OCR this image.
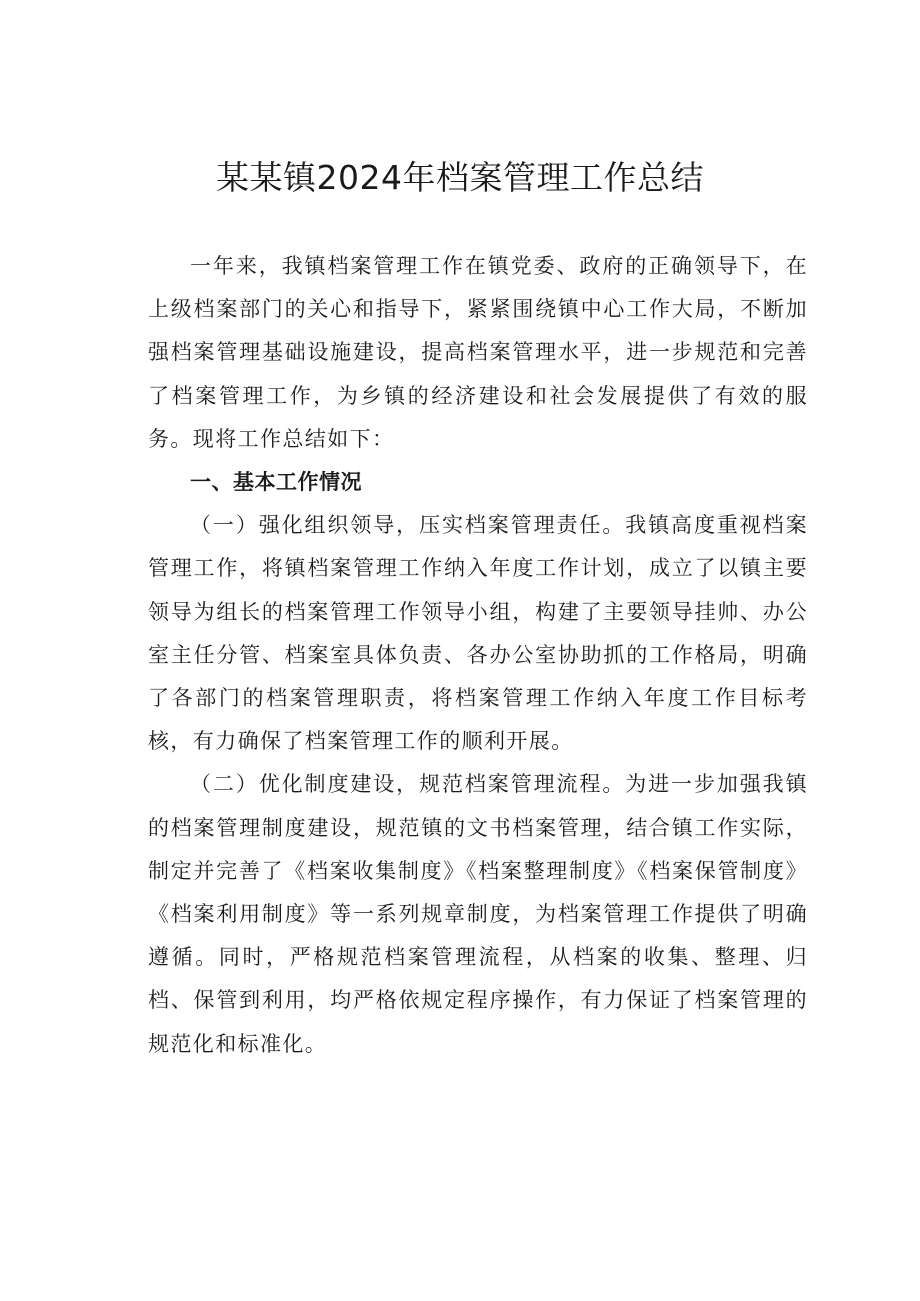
某某镇2024年档案管理工作总结

一年来，我镇档案管理工作在镇党委、政府的正确领导下，在上级档案部门的关心和指导下，紧紧围绕镇中心工作大局，不断加强档案管理基础设施建设，提高档案管理水平，进一步规范和完善了档案管理工作，为乡镇的经济建设和社会发展提供了有效的服务。现将工作总结如下：

一、基本工作情况

（一）强化组织领导，压实档案管理责任。我镇高度重视档案管理工作，将镇档案管理工作纳入年度工作计划，成立了以镇主要领导为组长的档案管理工作领导小组，构建了主要领导挂帅、办公室主任分管、档案室具体负责、各办公室协助抓的工作格局，明确了各部门的档案管理职责，将档案管理工作纳入年度工作目标考核，有力确保了档案管理工作的顺利开展。

（二）优化制度建设，规范档案管理流程。为进一步加强我镇的档案管理制度建设，规范镇的文书档案管理，结合镇工作实际，制定并完善了《档案收集制度》《档案整理制度》《档案保管制度》《档案利用制度》等一系列规章制度，为档案管理工作提供了明确遵循。同时，严格规范档案管理流程，从档案的收集、整理、归档、保管到利用，均严格依规定程序操作，有力保证了档案管理的规范化和标准化。
